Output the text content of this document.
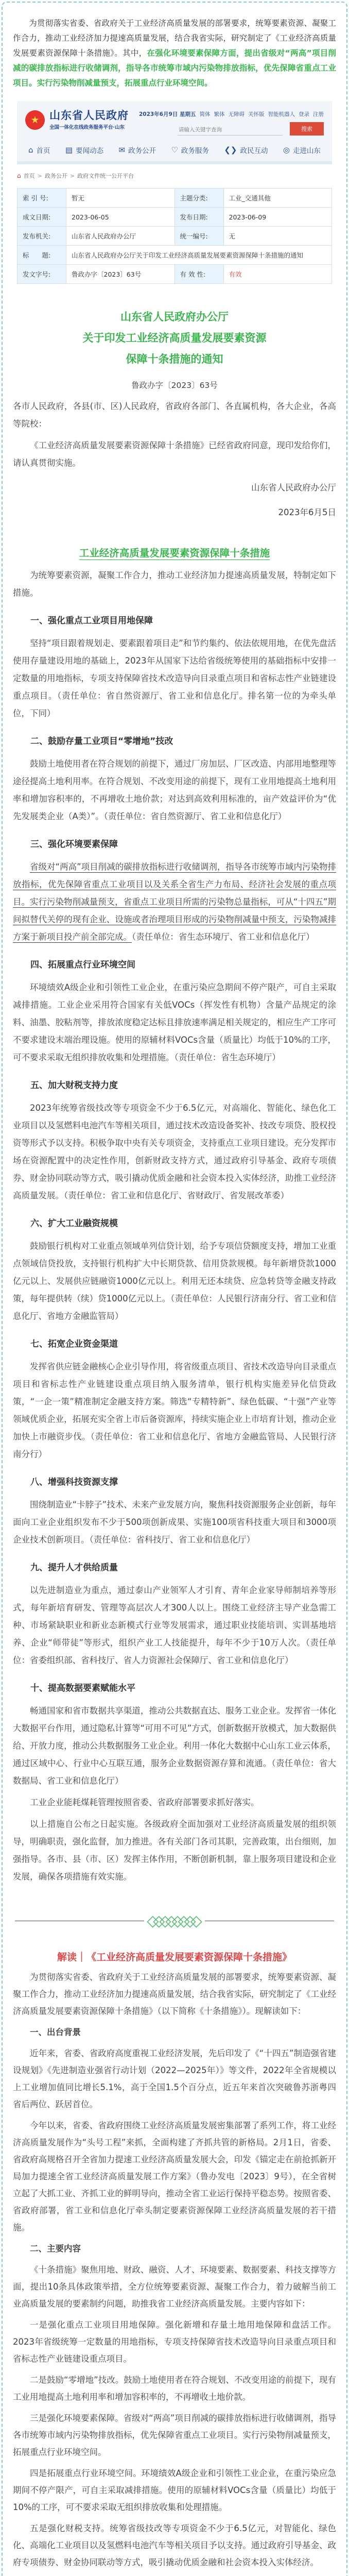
为贯彻落实省委、省政府关于工业经济高质量发展的部署要求，统筹要素资源、凝聚工作合力，推动工业经济加力提速高质量发展，结合我省实际，研究制定了《工业经济高质量发展要素资源保障十条措施》。其中，在强化环境要素保障方面，提出省级对“两高”项目削减的碳排放指标进行收储调剂，指导各市统筹市域内污染物排放指标，优先保障省重点工业项目。实行污染物削减量预支，拓展重点行业环境空间。
★ 山东省人民政府
全国一体化在线政务服务平台·山东
2023年6月9日 星期五 简体 繁体 无障碍 关怀版 智能机器人 登录 注册
请输入关键字查询
搜索
⌂ 首页 ▤ 要闻动态 ✉ 政务公开 ♡ 政务服务 ❮❯ 政民互动 ◎ 走进山东
⌂ 首页 > 政务公开 > 政府文件统一公开平台
索 引 号:	暂无	主题分类:	工业_交通其他
成文日期:	2023-06-05	发布日期:	2023-06-09
发布机关:	山东省人民政府办公厅	统一编号:	无
标　　题:	山东省人民政府办公厅关于印发工业经济高质量发展要素资源保障十条措施的通知		
发文字号:	鲁政办字〔2023〕63号	有 效 性:	有效
山东省人民政府办公厅
关于印发工业经济高质量发展要素资源
保障十条措施的通知
鲁政办字〔2023〕63号

各市人民政府，各县(市、区)人民政府，省政府各部门、各直属机构，各大企业，各高等院校：

《工业经济高质量发展要素资源保障十条措施》已经省政府同意，现印发给你们，请认真贯彻实施。

山东省人民政府办公厅

2023年6月5日

工业经济高质量发展要素资源保障十条措施

为统筹要素资源，凝聚工作合力，推动工业经济加力提速高质量发展，特制定如下措施。

一、强化重点工业项目用地保障

坚持“项目跟着规划走、要素跟着项目走”和节约集约、依法依规用地，在优先盘活使用存量建设用地的基础上，2023年从国家下达给省级统筹使用的基础指标中安排一定数量的用地指标，专项支持保障省技术改造导向目录重点项目和省标志性产业链建设重点项目。（责任单位：省自然资源厅、省工业和信息化厅。排名第一位的为牵头单位，下同）

二、鼓励存量工业项目“零增地”技改

鼓励土地使用者在符合规划的前提下，通过厂房加层、厂区改造、内部用地整理等途径提高土地利用率。在符合规划、不改变用途的前提下，现有工业用地提高土地利用率和增加容积率的，不再增收土地价款；对达到高效利用标准的，亩产效益评价为“优先发展类企业（A类）”。（责任单位：省自然资源厅、省工业和信息化厅）

三、强化环境要素保障

省级对“两高”项目削减的碳排放指标进行收储调剂，指导各市统筹市域内污染物排放指标，优先保障省重点工业项目以及关系全省生产力布局、经济社会发展的重点项目。实行污染物削减量预支，省重点工业项目所需的污染物总量指标，可从“十四五”期间拟替代关停的现有企业、设施或者治理项目形成的污染物削减量中预支，污染物减排方案于新项目投产前全部完成。（责任单位：省生态环境厅、省工业和信息化厅）

四、拓展重点行业环境空间

环境绩效A级企业和引领性工业企业，在重污染应急期间不停产限产，可自主采取减排措施。工业企业采用符合国家有关低VOCs（挥发性有机物）含量产品规定的涂料、油墨、胶粘剂等，排放浓度稳定达标且排放速率满足相关规定的，相应生产工序可不要求建设末端治理设施。使用的原辅材料VOCs含量（质量比）均低于10%的工序，可不要求采取无组织排放收集和处理措施。（责任单位：省生态环境厅）

五、加大财税支持力度

2023年统筹省级技改等专项资金不少于6.5亿元，对高端化、智能化、绿色化工业项目以及氢燃料电池汽车等相关项目，通过技术改造设备奖补、技改专项贷、股权投资等形式予以支持。积极争取中央有关专项资金，支持重点工业项目建设。充分发挥市场在资源配置中的决定性作用，创新财政支持方式，通过政府引导基金、政府专项债券、财金协同联动等方式，吸引撬动优质金融和社会资本投入实体经济，助推工业经济高质量发展。（责任单位：省工业和信息化厅、省财政厅、省发展改革委）

六、扩大工业融资规模

鼓励银行机构对工业重点领域单列信贷计划，给予专项信贷额度支持，增加工业重点领域信贷投放，支持银行机构扩大中长期贷款、信用贷款规模。每年新增贷款1000亿元以上、发展供应链融资1000亿元以上。利用无还本续贷、应急转贷等金融支持政策，每年提供转（续）贷1000亿元以上。（责任单位：人民银行济南分行、省工业和信息化厅、省地方金融监管局）

七、拓宽企业资金渠道

发挥省供应链金融核心企业引导作用，将省级重点项目、省技术改造导向目录重点项目和省标志性产业链建设重点项目纳入服务清单，银行机构实施差异化信贷政策，“一企一策”精准制定金融支持方案。筛选“专精特新”、绿色低碳、“十强”产业等领域优质企业，拓展充实全省上市后备资源库，持续实施企业上市培育计划，推动企业加快上市融资步伐。（责任单位：省工业和信息化厅、省地方金融监管局、人民银行济南分行）

八、增强科技资源支撑

围绕制造业“卡脖子”技术、未来产业发展方向，聚焦科技资源服务企业创新，每年面向工业企业组织发布不少于500项创新成果、实施100项省科技重大项目和3000项企业技术创新项目。（责任单位：省科技厅、省工业和信息化厅）

九、提升人才供给质量

以先进制造业为重点，通过泰山产业领军人才引育、青年企业家导师制培养等形式，每年新培育研发、管理等高层次人才300人以上。围绕工业经济主导产业急需工种、市场紧缺职业和新业态新模式行业等发展需求，通过职业技能培训、实训基地培养、企业“师带徒”等形式，组织产业工人技能提升，每年不少于10万人次。（责任单位：省委组织部、省科技厅、省人力资源社会保障厅、省工业和信息化厅）

十、提高数据要素赋能水平

畅通国家和省市数据共享渠道，推动公共数据直达、服务工业企业。发挥省一体化大数据平台作用，通过隐私计算等“可用不可见”方式，创新数据开放模式，加大数据供给、开放力度，推动公共数据服务工业企业。利用一体化大数据中心山东工业云体系，通过区域中心、行业中心互联互通，服务企业数据资源存算和流通。（责任单位：省大数据局、省工业和信息化厅）

工业企业能耗煤耗管理按照省委、省政府部署要求抓好落实。

以上措施自公布之日起实施。各级政府全面加强对工业经济高质量发展的组织领导，明确职责，强化监督，加力推进。各有关部门各司其职，完善政策，出台细则，加强指导。各市、县（市、区）发挥主体作用，不断创新机制，靠上服务项目建设和企业发展，确保各项措施有效实施。

◇◇◇◇◇◇◇◇
解读｜《工业经济高质量发展要素资源保障十条措施》

为贯彻落实省委、省政府关于工业经济高质量发展的部署要求，统筹要素资源、凝聚工作合力，推动工业经济加力提速高质量发展，结合我省实际，研究制定了《工业经济高质量发展要素资源保障十条措施》（以下简称《十条措施》）。现解读如下：

一、出台背景

近年来，省委、省政府高度重视工业经济发展，先后印发了《“十四五”制造强省建设规划》《先进制造业强省行动计划（2022—2025年）》等文件，2022年全省规模以上工业增加值同比增长5.1%，高于全国1.5个百分点，近五年来首次突破鲁苏浙粤四省后两位、跃居首位。

今年以来，省委、省政府围绕工业经济高质量发展密集部署了系列工作，将工业经济高质量发展作为“头号工程”来抓，全面构建了齐抓共管的新格局。2月1日，省委、省政府高规格召开全省加力提速工业经济高质量发展大会，印发《锚定走在前抢抓新开局加力提速全省工业经济高质量发展工作方案》（鲁办发电〔2023〕9号），在全省树立起了大抓工业、齐抓工业的鲜明导向，推动全省工业运行保持平稳态势。按照省委、省政府部署，省工业和信息化厅牵头制定要素资源保障工业经济高质量发展的若干措施。

二、主要内容

《十条措施》聚焦用地、财政、融资、人才、环境要素、数据要素、科技支撑等方面，提出10条具体政策举措，全方位统筹要素资源、凝聚工作合力，着力破解当前工业高质量发展的要素制约问题，助推我省工业经济高质量发展。主要内容如下：

一是强化重点工业项目用地保障。强化新增和存量土地用地保障和盘活工作。2023年省级统筹一定数量的用地指标，专项支持保障省技术改造导向目录重点项目和省标志性产业链建设重点项目。

二是鼓励“零增地”技改。鼓励土地使用者在符合规划、不改变用途的前提下，现有工业用地提高土地利用率和增加容积率的，不再增收土地价款。

三是强化环境要素保障。省级对“两高”项目削减的碳排放指标进行收储调剂，指导各市统筹市域内污染物排放指标，优先保障省重点工业项目。实行污染物削减量预支，拓展重点行业环境空间。

四是拓展重点行业环境空间。环境绩效A级企业和引领性工业企业，在重污染应急期间不停产限产，可自主采取减排措施。使用的原辅材料VOCs含量（质量比）均低于10%的工序，可不要求采取无组织排放收集和处理措施。

五是强化财税支持。统筹省级技改等专项资金不少于6.5亿元，对智能化、绿色化、高端化工业项目以及氢燃料电池汽车等相关项目予以支持。通过政府引导基金、政府专项债券、财金协同联动等方式，吸引撬动优质金融和社会资本投入实体经济。
